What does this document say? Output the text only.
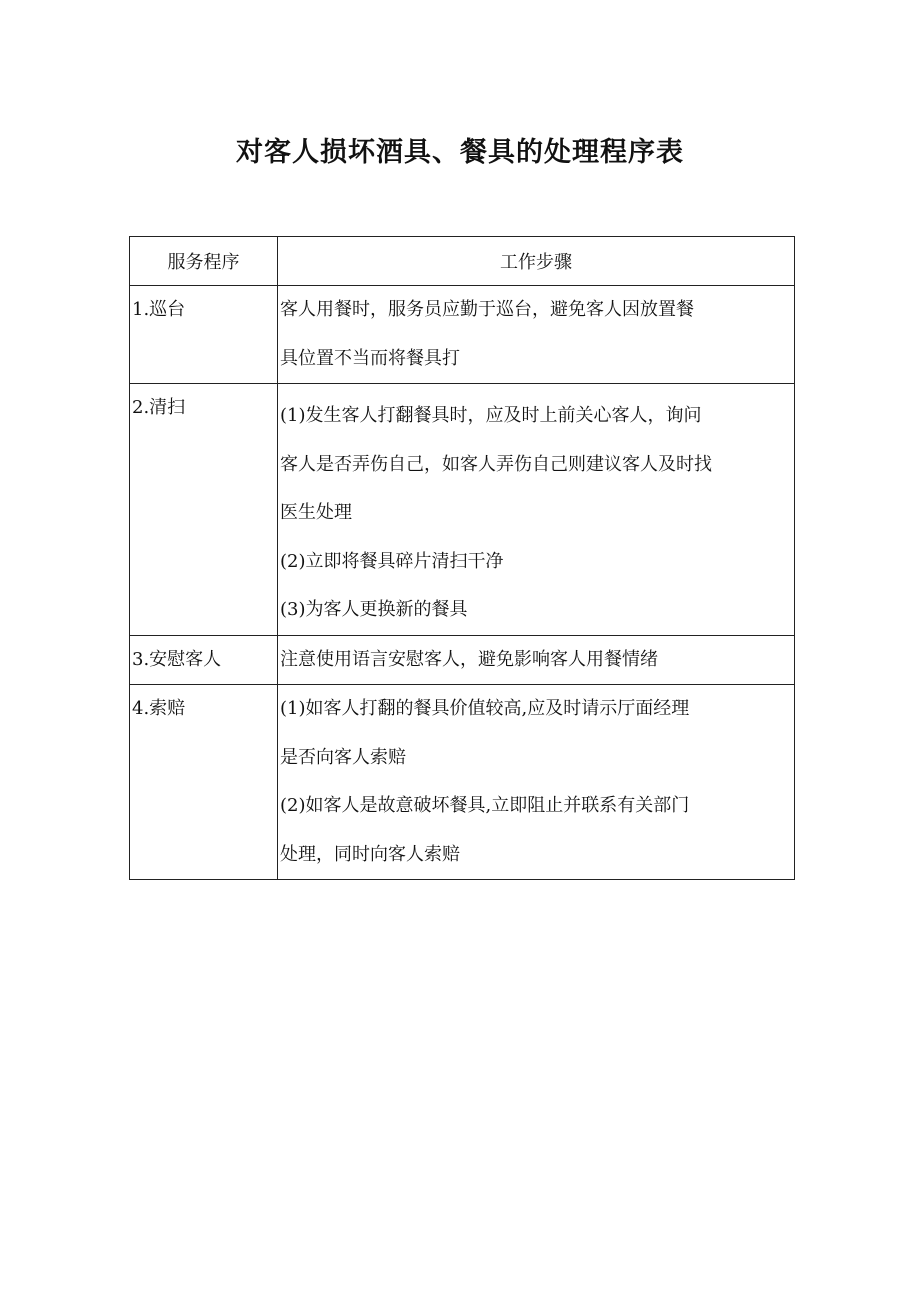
对客人损坏酒具、餐具的处理程序表
服务程序	工作步骤

1.巡台	客人用餐时，服务员应勤于巡台，避免客人因放置餐
具位置不当而将餐具打

2.清扫	(1)发生客人打翻餐具时，应及时上前关心客人，询问
客人是否弄伤自己，如客人弄伤自己则建议客人及时找
医生处理
(2)立即将餐具碎片清扫干净
(3)为客人更换新的餐具

3.安慰客人	注意使用语言安慰客人，避免影响客人用餐情绪

4.索赔	(1)如客人打翻的餐具价值较高,应及时请示厅面经理
是否向客人索赔
(2)如客人是故意破坏餐具,立即阻止并联系有关部门
处理，同时向客人索赔
